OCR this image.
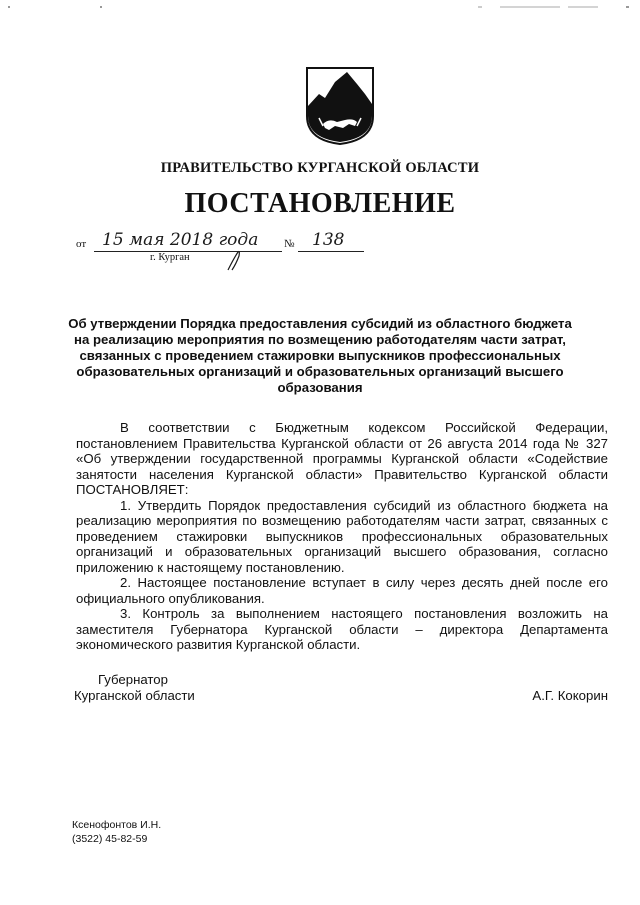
ПРАВИТЕЛЬСТВО КУРГАНСКОЙ ОБЛАСТИ
ПОСТАНОВЛЕНИЕ
от 15 мая 2018 года № 138
г. Курган
Об утверждении Порядка предоставления субсидий из областного бюджета на реализацию мероприятия по возмещению работодателям части затрат, связанных с проведением стажировки выпускников профессиональных образовательных организаций и образовательных организаций высшего образования

В соответствии с Бюджетным кодексом Российской Федерации, постановлением Правительства Курганской области от 26 августа 2014 года № 327 «Об утверждении государственной программы Курганской области «Содействие занятости населения Курганской области» Правительство Курганской области ПОСТАНОВЛЯЕТ:

1. Утвердить Порядок предоставления субсидий из областного бюджета на реализацию мероприятия по возмещению работодателям части затрат, связанных с проведением стажировки выпускников профессиональных образовательных организаций и образовательных организаций высшего образования, согласно приложению к настоящему постановлению.

2. Настоящее постановление вступает в силу через десять дней после его официального опубликования.

3. Контроль за выполнением настоящего постановления возложить на заместителя Губернатора Курганской области – директора Департамента экономического развития Курганской области.

Губернатор
Курганской области	А.Г. Кокорин
Ксенофонтов И.Н.
(3522) 45-82-59
